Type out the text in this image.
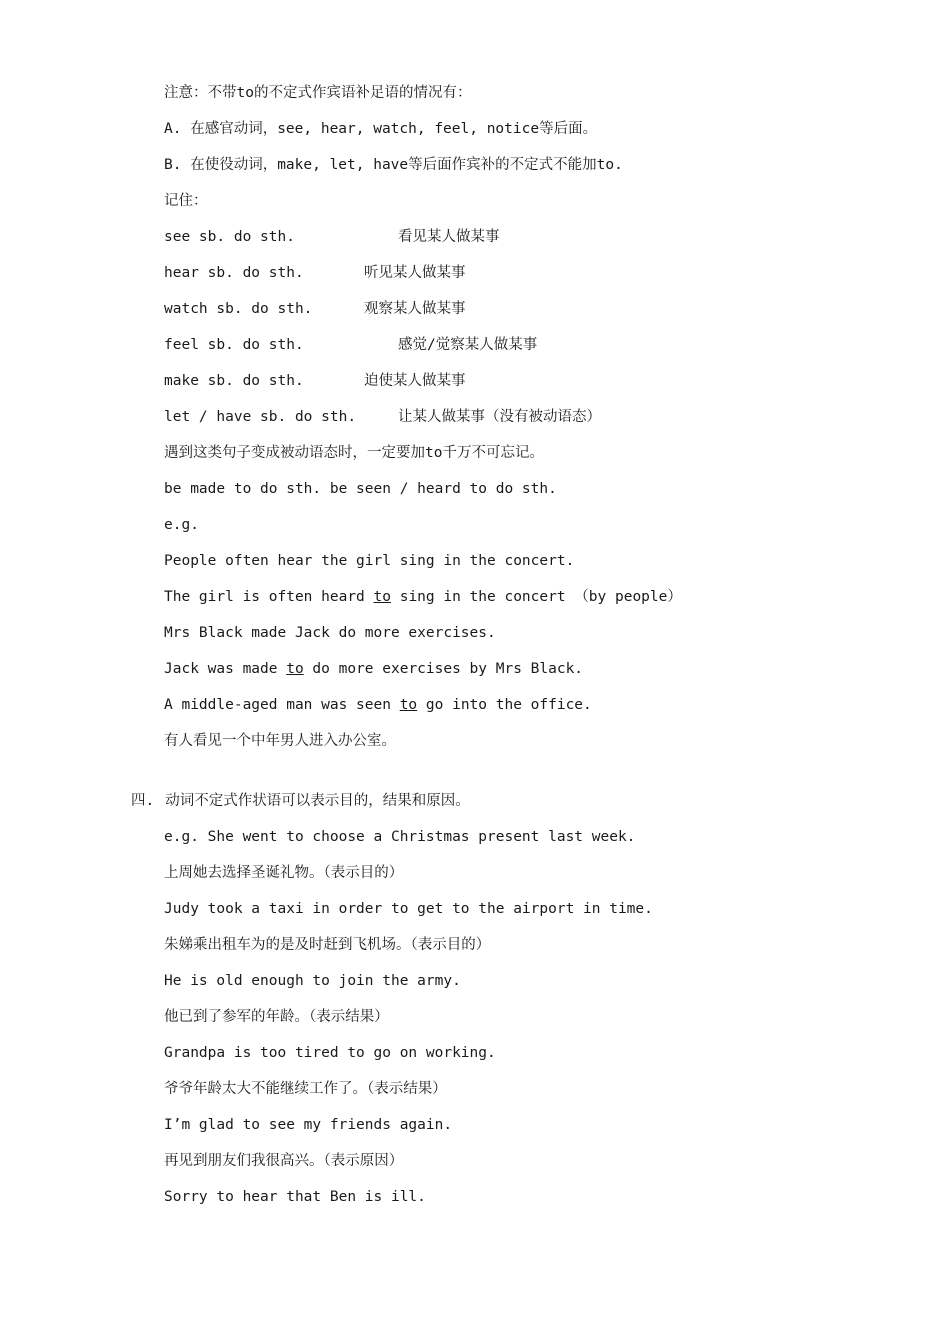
注意：不带to的不定式作宾语补足语的情况有：
A. 在感官动词，see, hear, watch, feel, notice等后面。
B. 在使役动词，make, let, have等后面作宾补的不定式不能加to.
记住：
see sb. do sth.	看见某人做某事
hear sb. do sth.	听见某人做某事
watch sb. do sth.	观察某人做某事
feel sb. do sth.	感觉/觉察某人做某事
make sb. do sth.	迫使某人做某事
let / have sb. do sth.	让某人做某事（没有被动语态）
遇到这类句子变成被动语态时，一定要加to千万不可忘记。
be made to do sth. be seen / heard to do sth.
e.g.
People often hear the girl sing in the concert.
The girl is often heard to sing in the concert （by people）
Mrs Black made Jack do more exercises.
Jack was made to do more exercises by Mrs Black.
A middle-aged man was seen to go into the office.
有人看见一个中年男人进入办公室。
四. 动词不定式作状语可以表示目的，结果和原因。
e.g. She went to choose a Christmas present last week.
上周她去选择圣诞礼物。（表示目的）
Judy took a taxi in order to get to the airport in time.
朱娣乘出租车为的是及时赶到飞机场。（表示目的）
He is old enough to join the army.
他已到了参军的年龄。（表示结果）
Grandpa is too tired to go on working.
爷爷年龄太大不能继续工作了。（表示结果）
I’m glad to see my friends again.
再见到朋友们我很高兴。（表示原因）
Sorry to hear that Ben is ill.
